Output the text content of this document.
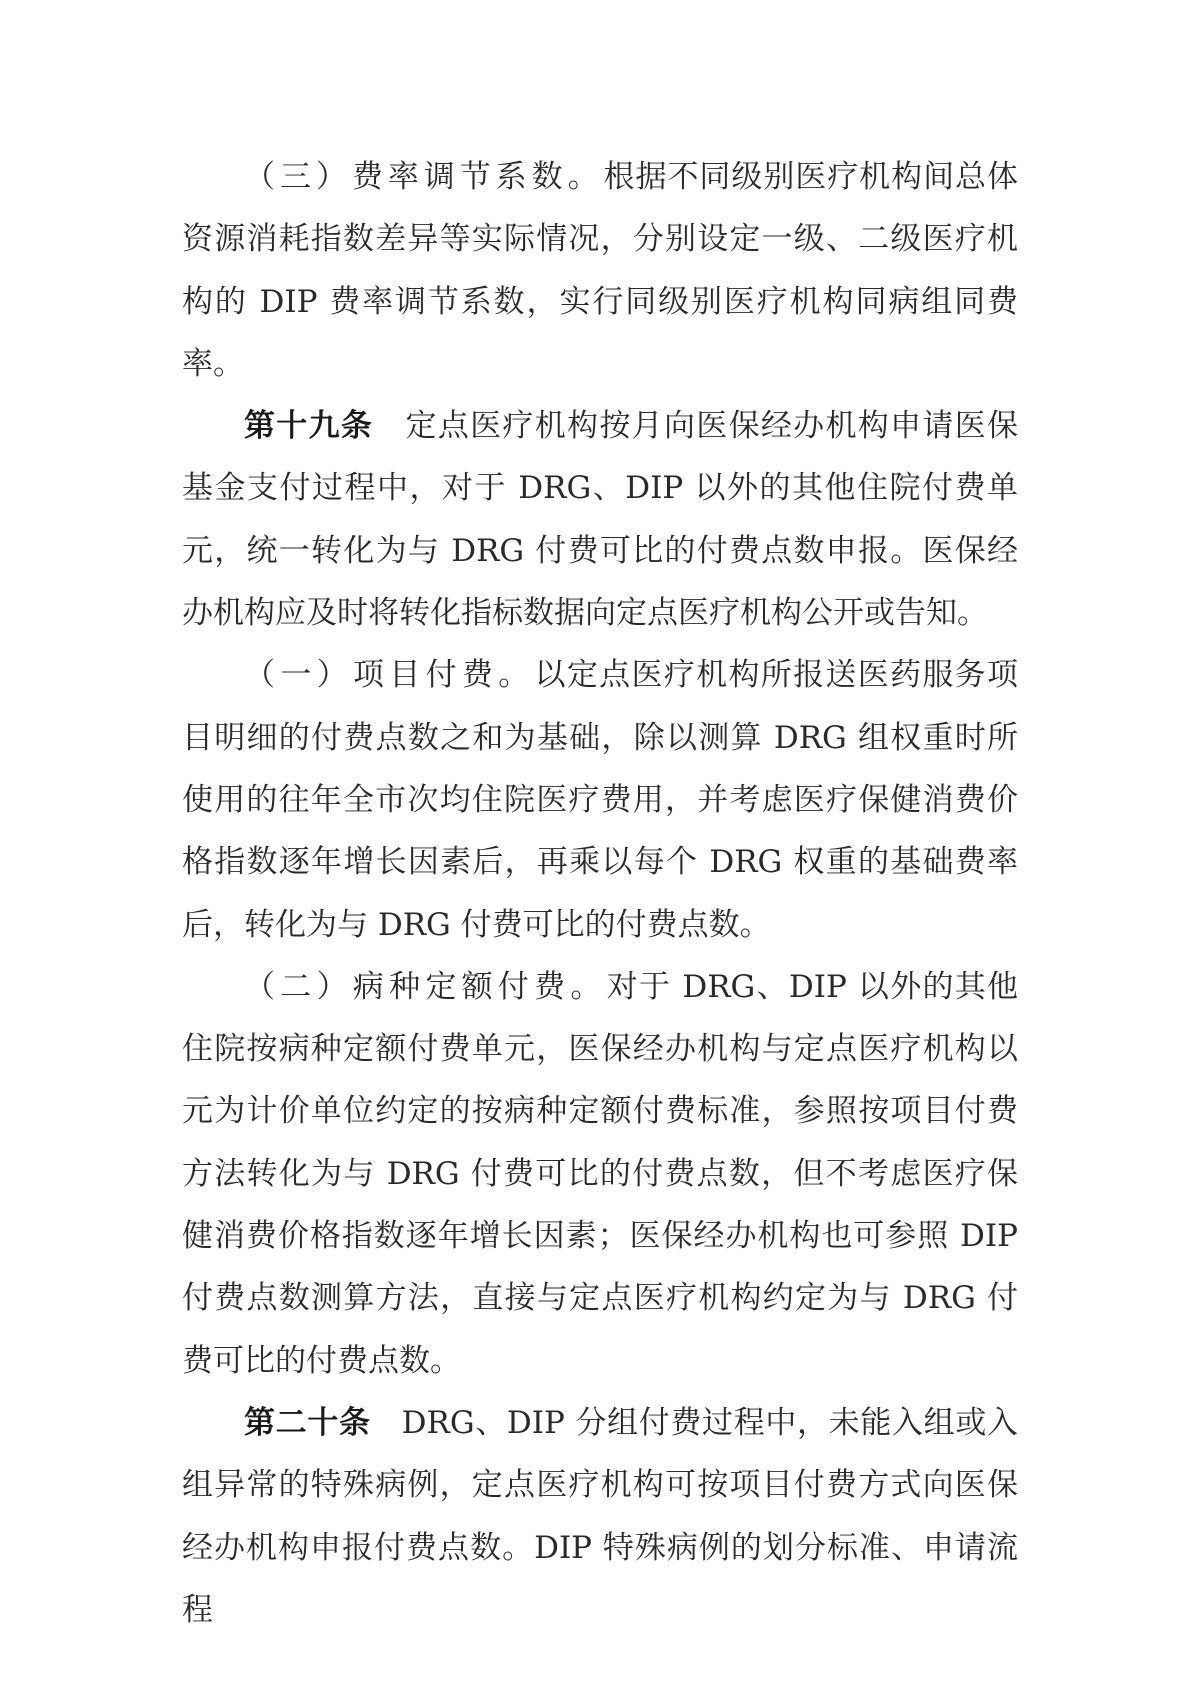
（三）费率调节系数。根据不同级别医疗机构间总体资源消耗指数差异等实际情况，分别设定一级、二级医疗机构的 DIP 费率调节系数，实行同级别医疗机构同病组同费率。

第十九条  定点医疗机构按月向医保经办机构申请医保基金支付过程中，对于 DRG、DIP 以外的其他住院付费单元，统一转化为与 DRG 付费可比的付费点数申报。医保经办机构应及时将转化指标数据向定点医疗机构公开或告知。

（一）项目付费。以定点医疗机构所报送医药服务项目明细的付费点数之和为基础，除以测算 DRG 组权重时所使用的往年全市次均住院医疗费用，并考虑医疗保健消费价格指数逐年增长因素后，再乘以每个 DRG 权重的基础费率后，转化为与 DRG 付费可比的付费点数。

（二）病种定额付费。对于 DRG、DIP 以外的其他住院按病种定额付费单元，医保经办机构与定点医疗机构以元为计价单位约定的按病种定额付费标准，参照按项目付费方法转化为与 DRG 付费可比的付费点数，但不考虑医疗保健消费价格指数逐年增长因素；医保经办机构也可参照 DIP 付费点数测算方法，直接与定点医疗机构约定为与 DRG 付费可比的付费点数。

第二十条  DRG、DIP 分组付费过程中，未能入组或入组异常的特殊病例，定点医疗机构可按项目付费方式向医保经办机构申报付费点数。DIP 特殊病例的划分标准、申请流程
